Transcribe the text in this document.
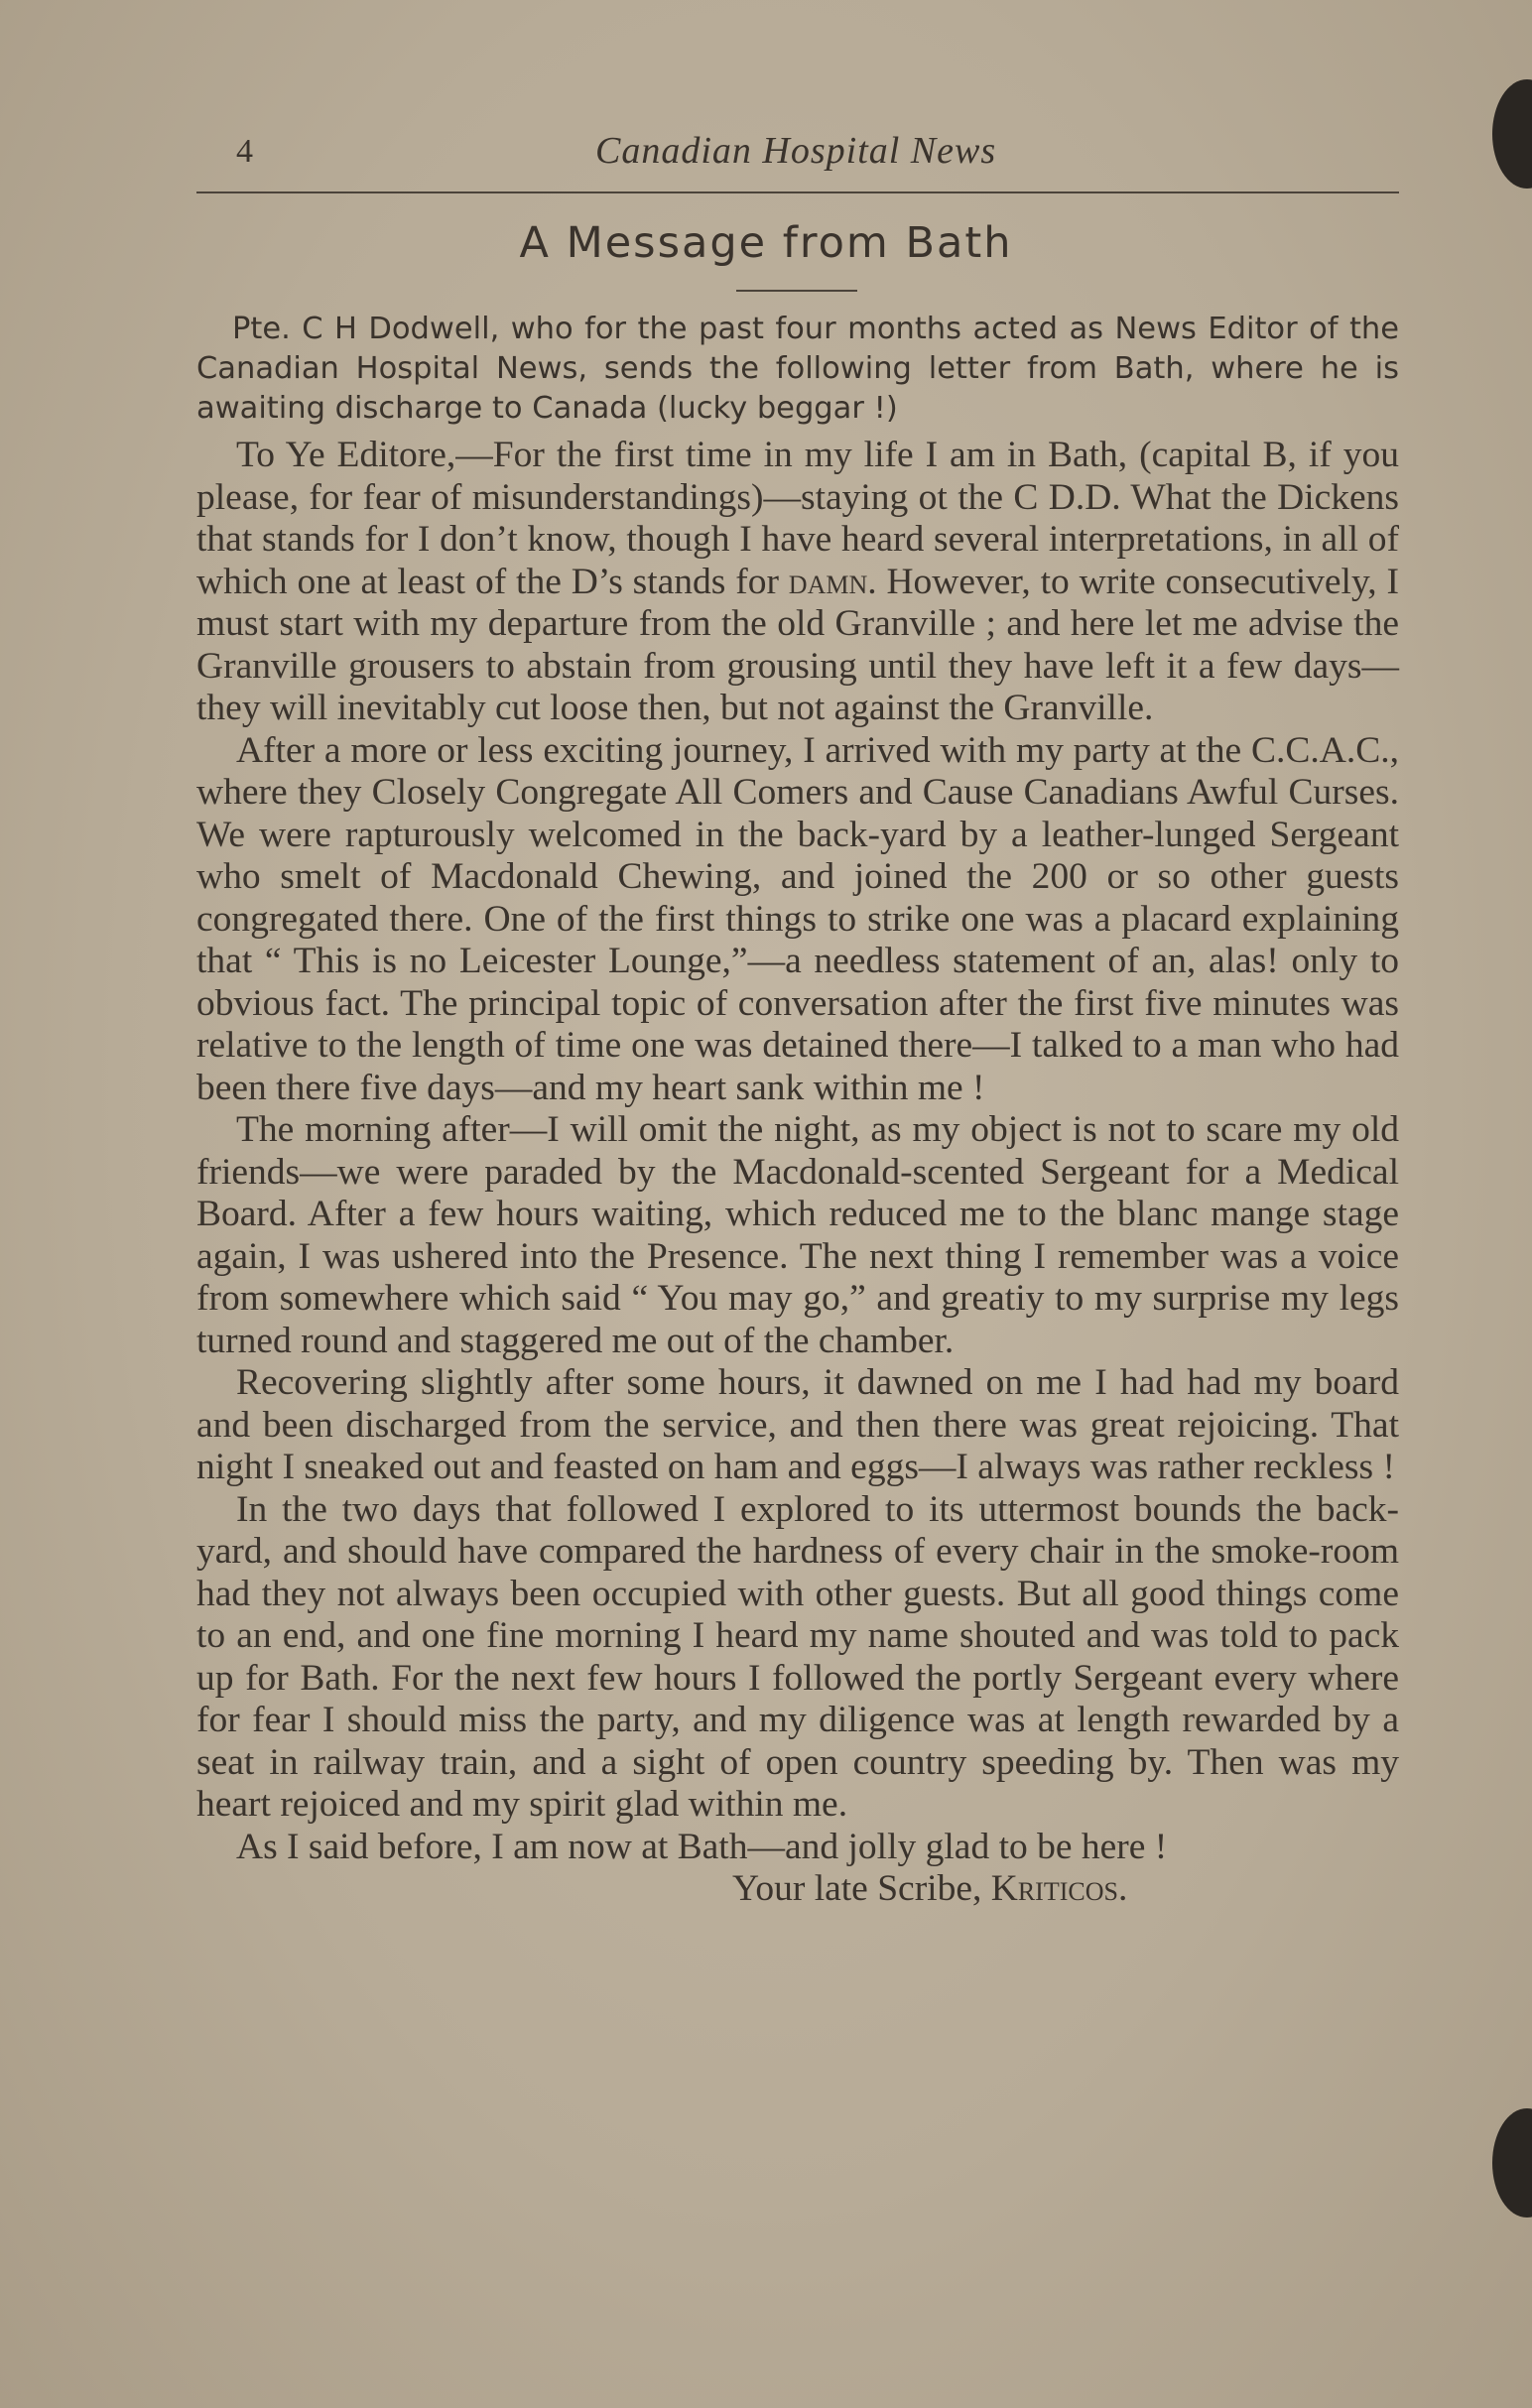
4	Canadian Hospital News
A Message from Bath
Pte. C H Dodwell, who for the past four months acted as News Editor of the Canadian Hospital News, sends the following letter from Bath, where he is awaiting discharge to Canada (lucky beggar !)

To Ye Editore,—For the first time in my life I am in Bath, (capital B, if you please, for fear of misunderstandings)—staying ot the C D.D. What the Dickens that stands for I don’t know, though I have heard several interpretations, in all of which one at least of the D’s stands for damn. However, to write consecutively, I must start with my departure from the old Granville ; and here let me advise the Granville grousers to abstain from grousing until they have left it a few days—they will inevitably cut loose then, but not against the Granville.

After a more or less exciting journey, I arrived with my party at the C.C.A.C., where they Closely Congregate All Comers and Cause Canadians Awful Curses. We were rapturously welcomed in the back-yard by a leather-lunged Sergeant who smelt of Macdonald Chewing, and joined the 200 or so other guests congregated there. One of the first things to strike one was a placard explaining that “ This is no Leicester Lounge,”—a needless statement of an, alas! only to obvious fact. The principal topic of conversation after the first five minutes was relative to the length of time one was detained there—I talked to a man who had been there five days—and my heart sank within me !

The morning after—I will omit the night, as my object is not to scare my old friends—we were paraded by the Macdonald-scented Sergeant for a Medical Board. After a few hours waiting, which reduced me to the blanc mange stage again, I was ushered into the Presence. The next thing I remember was a voice from somewhere which said “ You may go,” and greatiy to my surprise my legs turned round and staggered me out of the chamber.

Recovering slightly after some hours, it dawned on me I had had my board and been discharged from the service, and then there was great rejoicing. That night I sneaked out and feasted on ham and eggs—I always was rather reckless !

In the two days that followed I explored to its uttermost bounds the back-yard, and should have compared the hardness of every chair in the smoke-room had they not always been occupied with other guests. But all good things come to an end, and one fine morning I heard my name shouted and was told to pack up for Bath. For the next few hours I followed the portly Sergeant every where for fear I should miss the party, and my diligence was at length rewarded by a seat in railway train, and a sight of open country speeding by. Then was my heart rejoiced and my spirit glad within me.

As I said before, I am now at Bath—and jolly glad to be here !

Your late Scribe, Kriticos.
